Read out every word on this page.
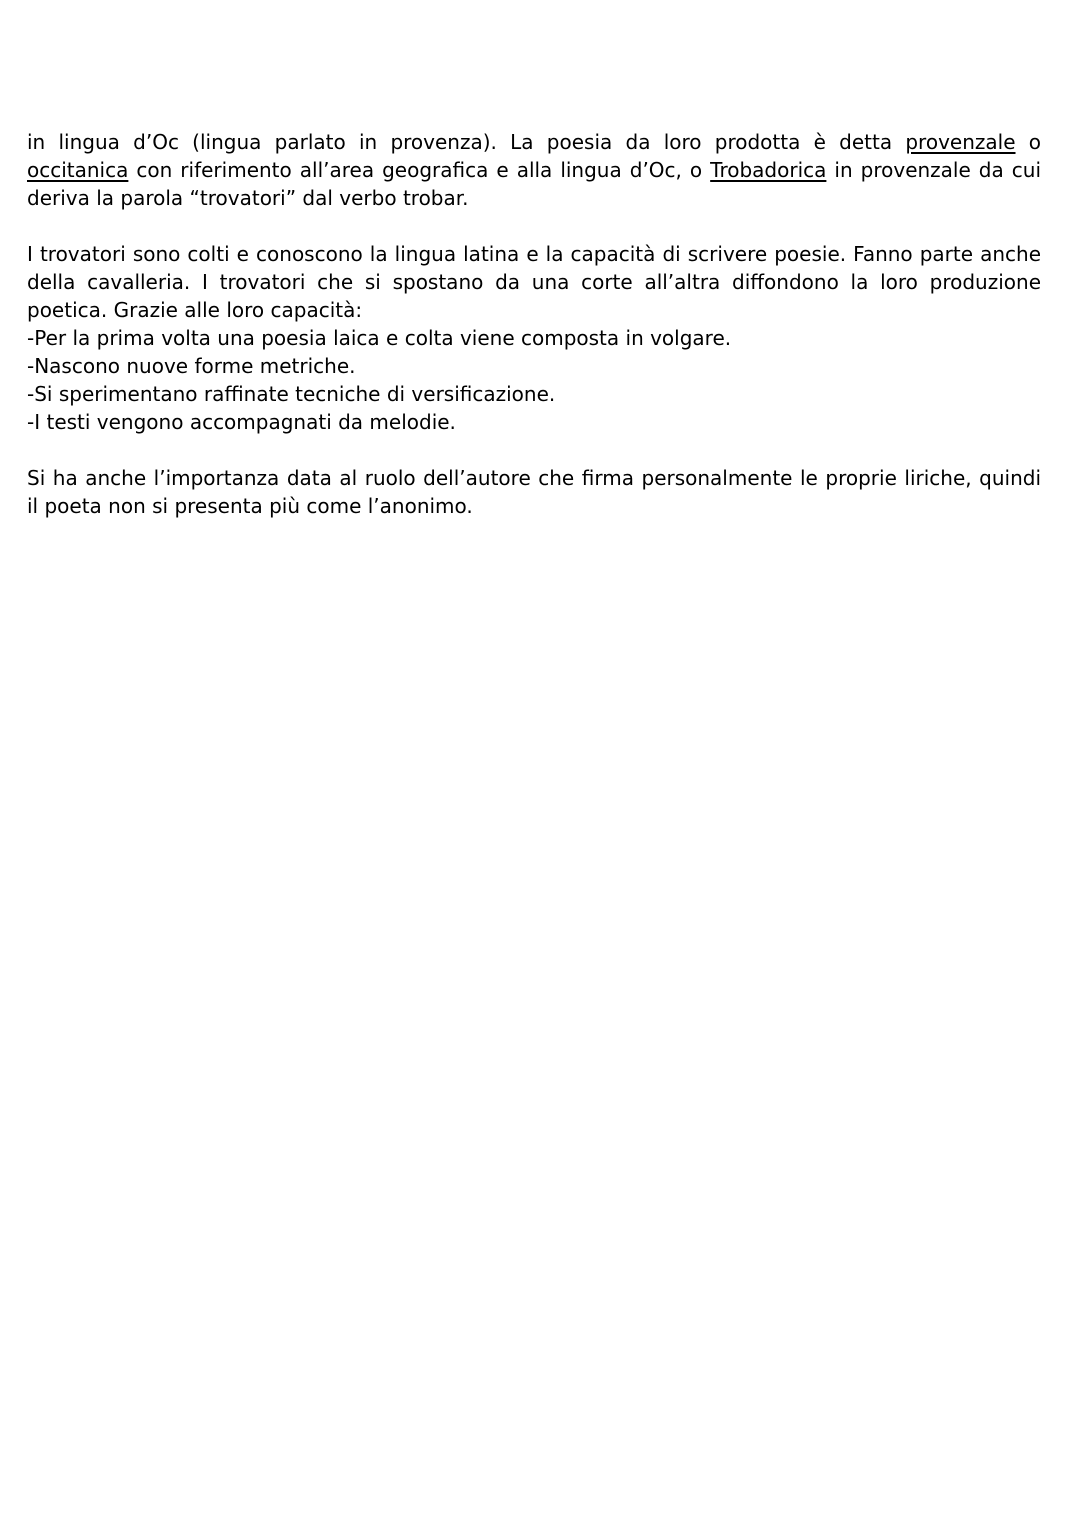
in lingua d’Oc (lingua parlato in provenza). La poesia da loro prodotta è detta provenzale o occitanica con riferimento all’area geografica e alla lingua d’Oc, o Trobadorica in provenzale da cui deriva la parola “trovatori” dal verbo trobar.

I trovatori sono colti e conoscono la lingua latina e la capacità di scrivere poesie. Fanno parte anche della cavalleria. I trovatori che si spostano da una corte all’altra diffondono la loro produzione poetica. Grazie alle loro capacità:

-Per la prima volta una poesia laica e colta viene composta in volgare.
-Nascono nuove forme metriche.
-Si sperimentano raffinate tecniche di versificazione.
-I testi vengono accompagnati da melodie.

Si ha anche l’importanza data al ruolo dell’autore che firma personalmente le proprie liriche, quindi il poeta non si presenta più come l’anonimo.
